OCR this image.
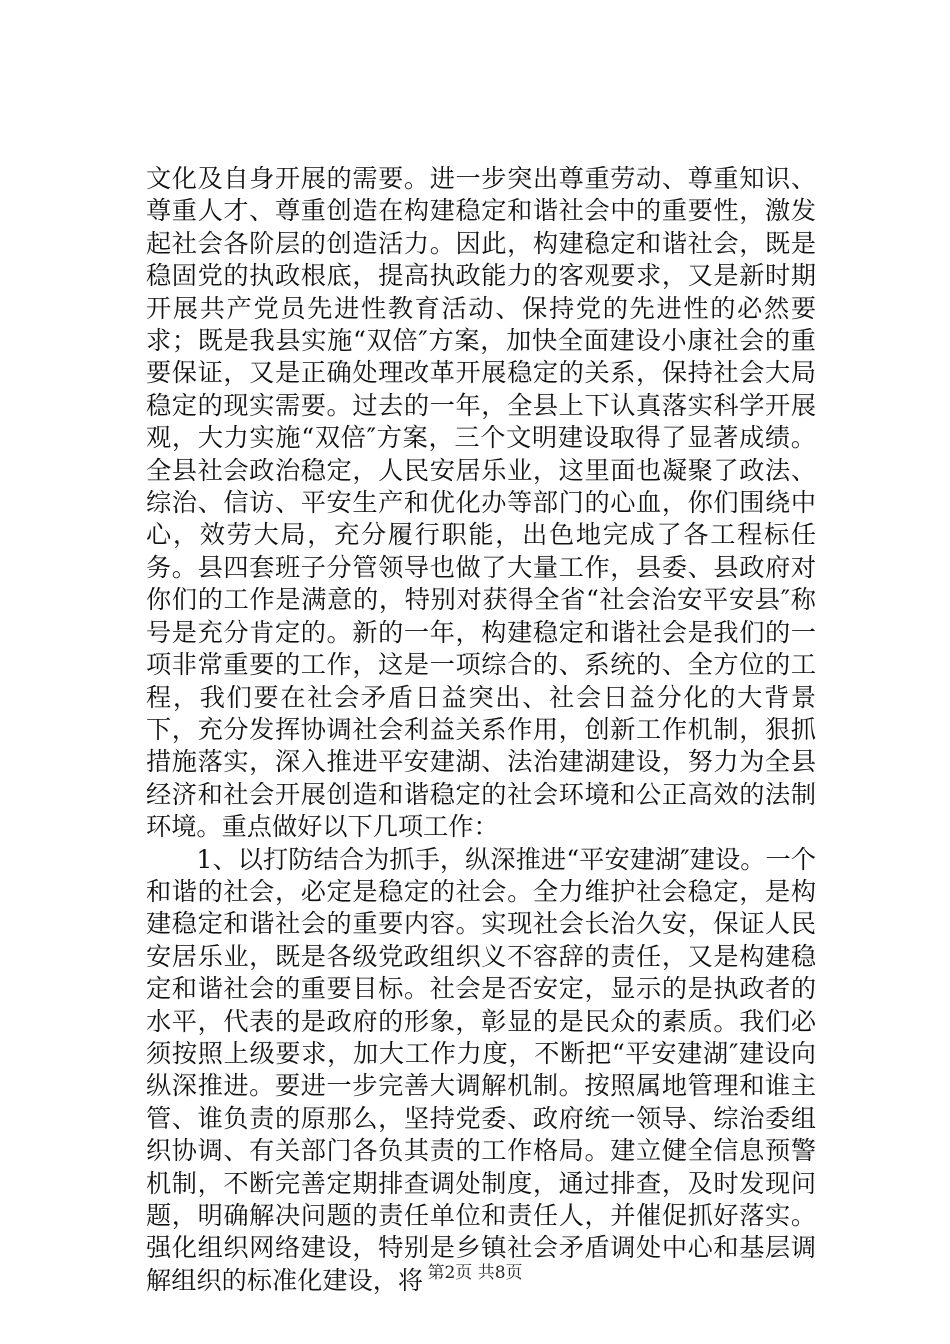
文化及自身开展的需要。进一步突出尊重劳动、尊重知识、尊重人才、尊重创造在构建稳定和谐社会中的重要性，激发起社会各阶层的创造活力。因此，构建稳定和谐社会，既是稳固党的执政根底，提高执政能力的客观要求，又是新时期开展共产党员先进性教育活动、保持党的先进性的必然要求；既是我县实施“双倍″方案，加快全面建设小康社会的重要保证，又是正确处理改革开展稳定的关系，保持社会大局稳定的现实需要。过去的一年，全县上下认真落实科学开展观，大力实施“双倍″方案，三个文明建设取得了显著成绩。全县社会政治稳定，人民安居乐业，这里面也凝聚了政法、综治、信访、平安生产和优化办等部门的心血，你们围绕中心，效劳大局，充分履行职能，出色地完成了各工程标任务。县四套班子分管领导也做了大量工作，县委、县政府对你们的工作是满意的，特别对获得全省“社会治安平安县″称号是充分肯定的。新的一年，构建稳定和谐社会是我们的一项非常重要的工作，这是一项综合的、系统的、全方位的工程，我们要在社会矛盾日益突出、社会日益分化的大背景下，充分发挥协调社会利益关系作用，创新工作机制，狠抓措施落实，深入推进平安建湖、法治建湖建设，努力为全县经济和社会开展创造和谐稳定的社会环境和公正高效的法制环境。重点做好以下几项工作：

1、以打防结合为抓手，纵深推进“平安建湖″建设。一个和谐的社会，必定是稳定的社会。全力维护社会稳定，是构建稳定和谐社会的重要内容。实现社会长治久安，保证人民安居乐业，既是各级党政组织义不容辞的责任，又是构建稳定和谐社会的重要目标。社会是否安定，显示的是执政者的水平，代表的是政府的形象，彰显的是民众的素质。我们必须按照上级要求，加大工作力度，不断把“平安建湖″建设向纵深推进。要进一步完善大调解机制。按照属地管理和谁主管、谁负责的原那么，坚持党委、政府统一领导、综治委组织协调、有关部门各负其责的工作格局。建立健全信息预警机制，不断完善定期排查调处制度，通过排查，及时发现问题，明确解决问题的责任单位和责任人，并催促抓好落实。强化组织网络建设，特别是乡镇社会矛盾调处中心和基层调解组织的标准化建设，将 第2页 共8页
